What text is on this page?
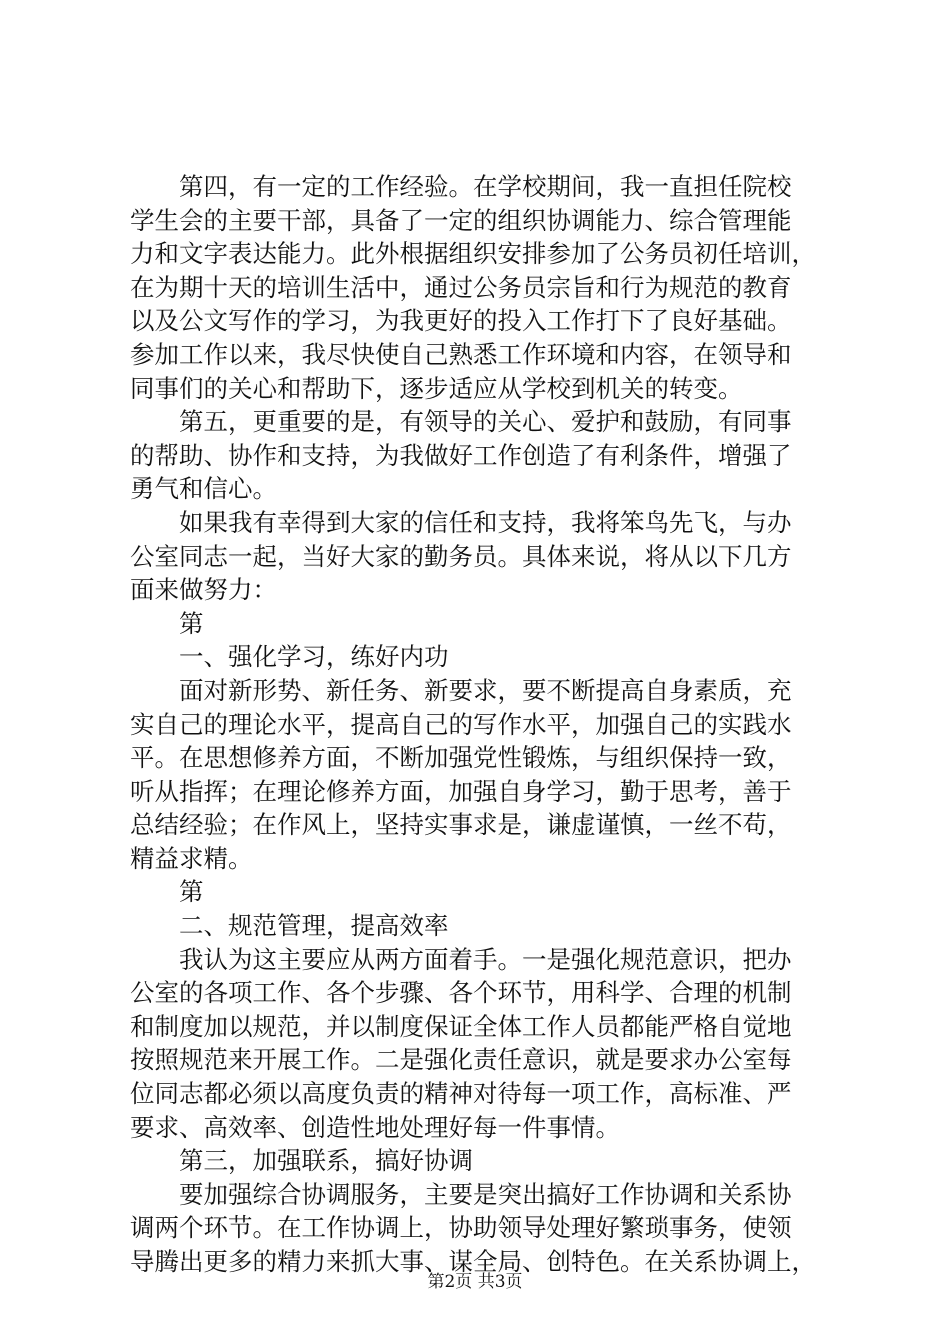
　　第四，有一定的工作经验。在学校期间，我一直担任院校
学生会的主要干部，具备了一定的组织协调能力、综合管理能
力和文字表达能力。此外根据组织安排参加了公务员初任培训，
在为期十天的培训生活中，通过公务员宗旨和行为规范的教育
以及公文写作的学习，为我更好的投入工作打下了良好基础。
参加工作以来，我尽快使自己熟悉工作环境和内容，在领导和
同事们的关心和帮助下，逐步适应从学校到机关的转变。
　　第五，更重要的是，有领导的关心、爱护和鼓励，有同事
的帮助、协作和支持，为我做好工作创造了有利条件，增强了
勇气和信心。
　　如果我有幸得到大家的信任和支持，我将笨鸟先飞，与办
公室同志一起，当好大家的勤务员。具体来说，将从以下几方
面来做努力：
　　第
　　一、强化学习，练好内功
　　面对新形势、新任务、新要求，要不断提高自身素质，充
实自己的理论水平，提高自己的写作水平，加强自己的实践水
平。在思想修养方面，不断加强党性锻炼，与组织保持一致，
听从指挥；在理论修养方面，加强自身学习，勤于思考，善于
总结经验；在作风上，坚持实事求是，谦虚谨慎，一丝不苟，
精益求精。
　　第
　　二、规范管理，提高效率
　　我认为这主要应从两方面着手。一是强化规范意识，把办
公室的各项工作、各个步骤、各个环节，用科学、合理的机制
和制度加以规范，并以制度保证全体工作人员都能严格自觉地
按照规范来开展工作。二是强化责任意识，就是要求办公室每
位同志都必须以高度负责的精神对待每一项工作，高标准、严
要求、高效率、创造性地处理好每一件事情。
　　第三，加强联系，搞好协调
　　要加强综合协调服务，主要是突出搞好工作协调和关系协
调两个环节。在工作协调上，协助领导处理好繁琐事务，使领
导腾出更多的精力来抓大事、谋全局、创特色。在关系协调上，
第2页 共3页
